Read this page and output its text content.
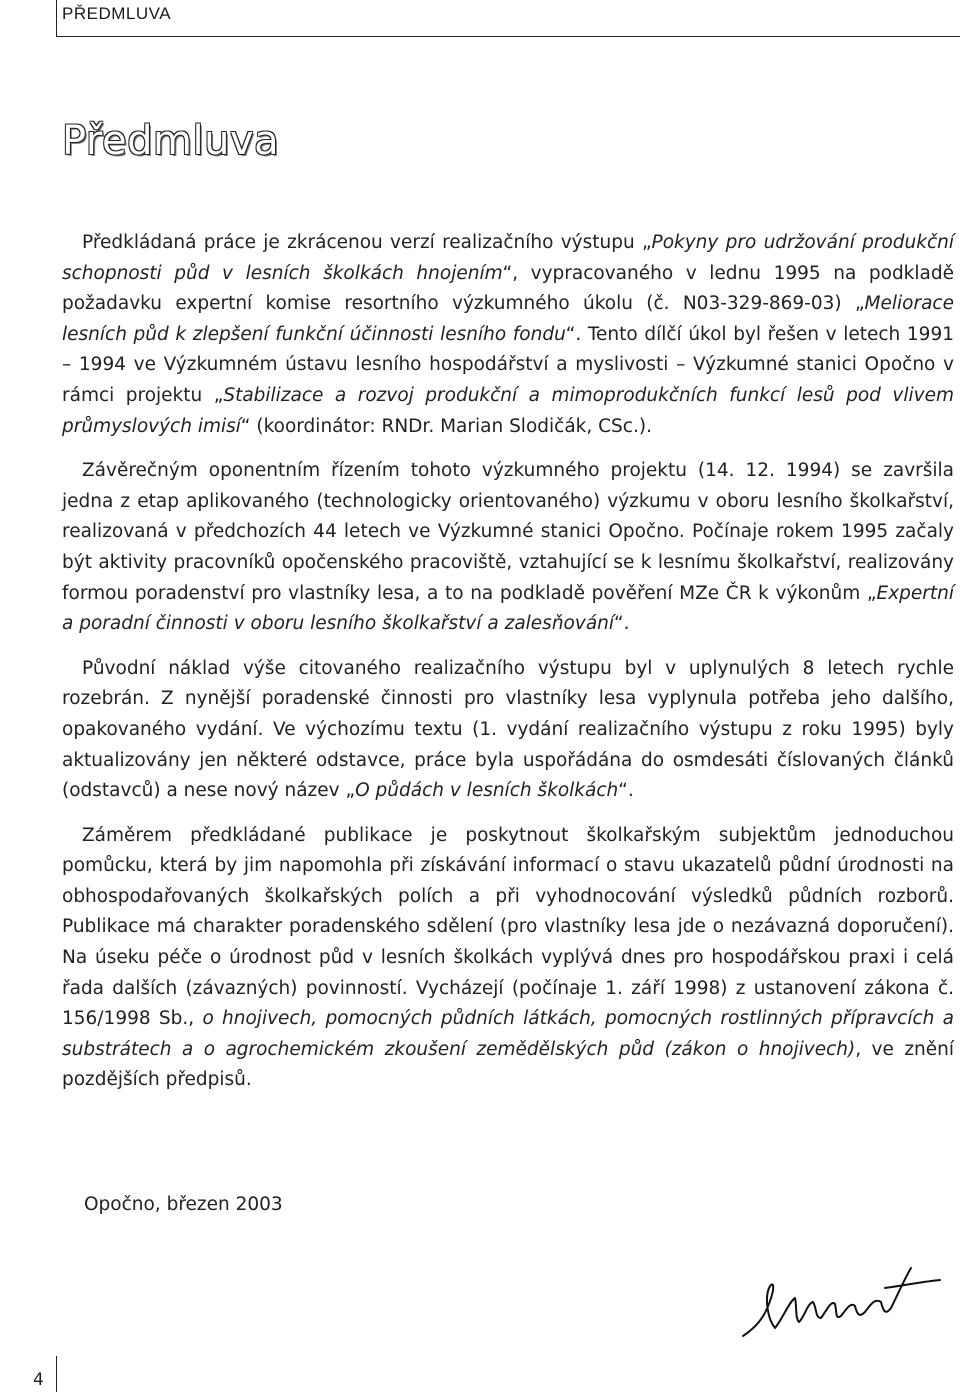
PŘEDMLUVA
Předmluva

Předkládaná práce je zkrácenou verzí realizačního výstupu „Pokyny pro udržování produkční schopnosti půd v lesních školkách hnojením“, vypracovaného v lednu 1995 na podkladě požadavku expertní komise resortního výzkumného úkolu (č. N03-329-869-03) „Meliorace lesních půd k zlepšení funkční účinnosti lesního fondu“. Tento dílčí úkol byl řešen v letech 1991 – 1994 ve Výzkumném ústavu lesního hospodářství a myslivosti – Výzkumné stanici Opočno v rámci projektu „Stabilizace a rozvoj produkční a mimoprodukčních funkcí lesů pod vlivem průmyslových imisí“ (koordinátor: RNDr. Marian Slodičák, CSc.).

Závěrečným oponentním řízením tohoto výzkumného projektu (14. 12. 1994) se završila jedna z etap aplikovaného (technologicky orientovaného) výzkumu v oboru lesního školkařství, realizovaná v předchozích 44 letech ve Výzkumné stanici Opočno. Počínaje rokem 1995 začaly být aktivity pracovníků opočenského pracoviště, vztahující se k lesnímu školkařství, realizovány formou poradenství pro vlastníky lesa, a to na podkladě pověření MZe ČR k výkonům „Expertní a poradní činnosti v oboru lesního školkařství a zalesňování“.

Původní náklad výše citovaného realizačního výstupu byl v uplynulých 8 letech rychle rozebrán. Z nynější poradenské činnosti pro vlastníky lesa vyplynula potřeba jeho dalšího, opakovaného vydání. Ve výchozímu textu (1. vydání realizačního výstupu z roku 1995) byly aktualizovány jen některé odstavce, práce byla uspořádána do osmdesáti číslovaných článků (odstavců) a nese nový název „O půdách v lesních školkách“.

Záměrem předkládané publikace je poskytnout školkařským subjektům jednoduchou pomůcku, která by jim napomohla při získávání informací o stavu ukazatelů půdní úrodnosti na obhospodařovaných školkařských polích a při vyhodnocování výsledků půdních rozborů. Publikace má charakter poradenského sdělení (pro vlastníky lesa jde o nezávazná doporučení). Na úseku péče o úrodnost půd v lesních školkách vyplývá dnes pro hospodářskou praxi i celá řada dalších (závazných) povinností. Vycházejí (počínaje 1. září 1998) z ustanovení zákona č. 156/1998 Sb., o hnojivech, pomocných půdních látkách, pomocných rostlinných přípravcích a substrátech a o agrochemickém zkoušení zemědělských půd (zákon o hnojivech), ve znění pozdějších předpisů.

Opočno, březen 2003
4
